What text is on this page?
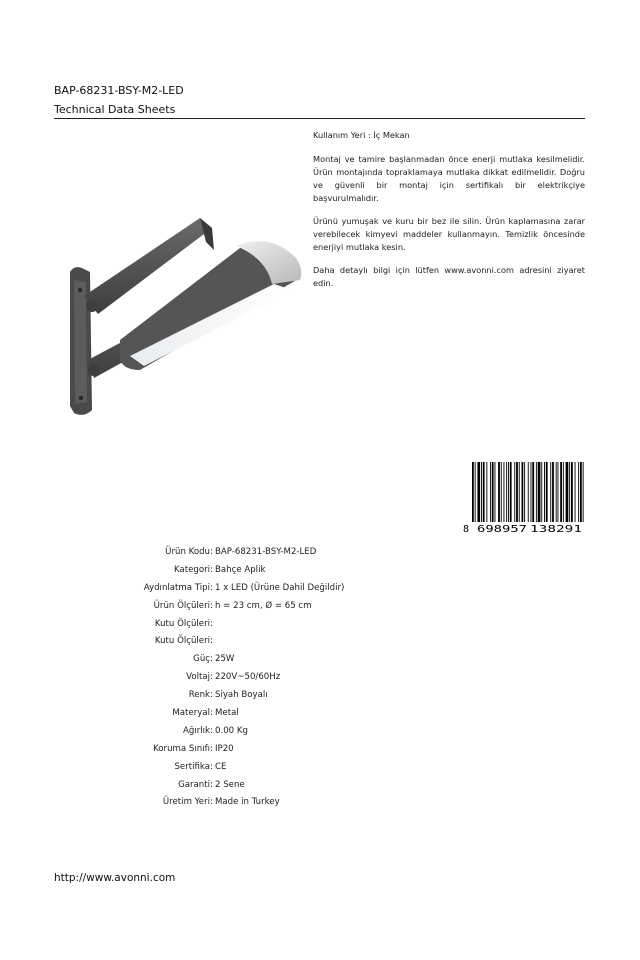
BAP-68231-BSY-M2-LED
Technical Data Sheets

Kullanım Yeri : İç Mekan

Montaj ve tamire başlanmadan önce enerji mutlaka kesilmelidir. Ürün montajında topraklamaya mutlaka dikkat edilmelidir. Doğru ve güvenli bir montaj için sertifikalı bir elektrikçiye başvurulmalıdır.

Ürünü yumuşak ve kuru bir bez ile silin. Ürün kaplamasına zarar verebilecek kimyevi maddeler kullanmayın. Temizlik öncesinde enerjiyi mutlaka kesin.

Daha detaylı bilgi için lütfen www.avonni.com adresini ziyaret edin.

8 698957 138291
Ürün Kodu : BAP-68231-BSY-M2-LED
Kategori : Bahçe Aplik
Aydınlatma Tipi : 1 x LED (Ürüne Dahil Değildir)
Ürün Ölçüleri : h = 23 cm, Ø = 65 cm
Kutu Ölçüleri :
Kutu Ölçüleri :
Güç : 25W
Voltaj : 220V~50/60Hz
Renk : Siyah Boyalı
Materyal : Metal
Ağırlık : 0.00 Kg
Koruma Sınıfı : IP20
Sertifika : CE
Garanti : 2 Sene
Üretim Yeri : Made in Turkey
http://www.avonni.com
